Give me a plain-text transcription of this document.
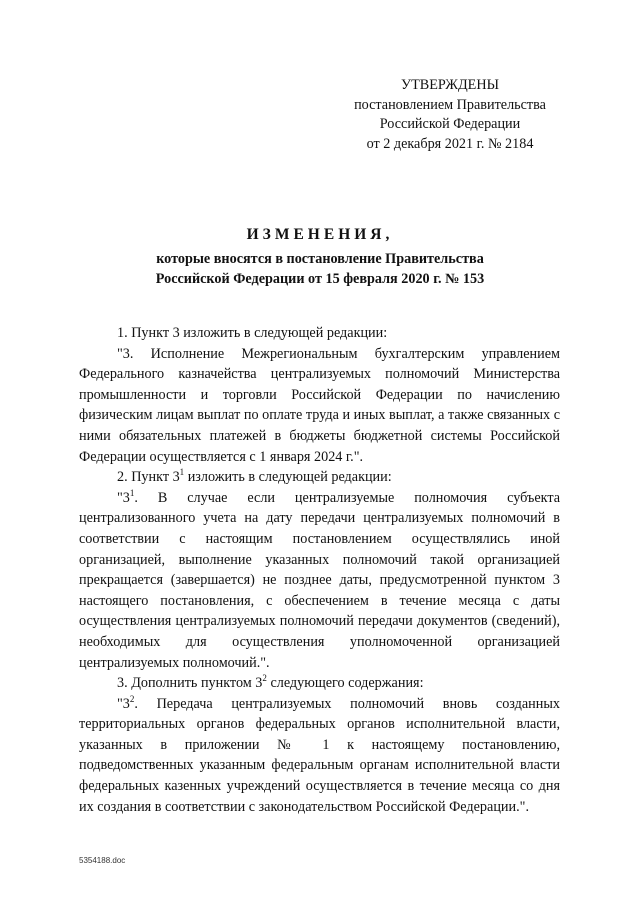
УТВЕРЖДЕНЫ
постановлением Правительства
Российской Федерации
от 2 декабря 2021 г. № 2184
ИЗМЕНЕНИЯ,
которые вносятся в постановление Правительства
Российской Федерации от 15 февраля 2020 г. № 153

1. Пункт 3 изложить в следующей редакции:

"3. Исполнение Межрегиональным бухгалтерским управлением Федерального казначейства централизуемых полномочий Министерства промышленности и торговли Российской Федерации по начислению физическим лицам выплат по оплате труда и иных выплат, а также связанных с ними обязательных платежей в бюджеты бюджетной системы Российской Федерации осуществляется с 1 января 2024 г.".

2. Пункт $3^1$ изложить в следующей редакции:

"$3^1$. В случае если централизуемые полномочия субъекта централизованного учета на дату передачи централизуемых полномочий в соответствии с настоящим постановлением осуществлялись иной организацией, выполнение указанных полномочий такой организацией прекращается (завершается) не позднее даты, предусмотренной пунктом 3 настоящего постановления, с обеспечением в течение месяца с даты осуществления централизуемых полномочий передачи документов (сведений), необходимых для осуществления уполномоченной организацией централизуемых полномочий.".

3. Дополнить пунктом $3^2$ следующего содержания:

"$3^2$. Передача централизуемых полномочий вновь созданных территориальных органов федеральных органов исполнительной власти, указанных в приложении № 1 к настоящему постановлению, подведомственных указанным федеральным органам исполнительной власти федеральных казенных учреждений осуществляется в течение месяца со дня их создания в соответствии с законодательством Российской Федерации.".

5354188.doc
